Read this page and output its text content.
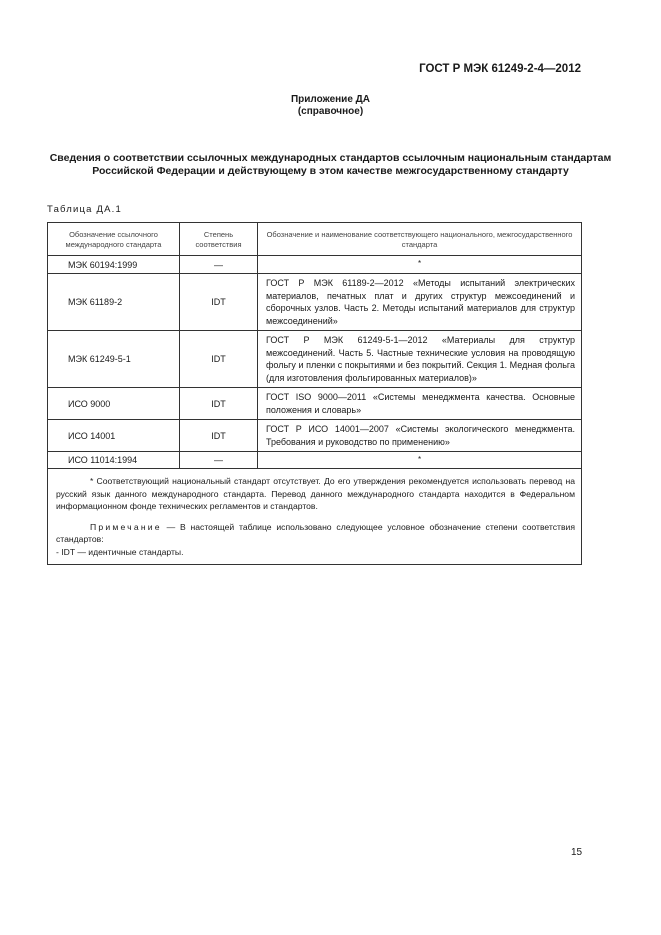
ГОСТ Р МЭК 61249-2-4—2012
Приложение ДА
(справочное)
Сведения о соответствии ссылочных международных стандартов ссылочным национальным стандартам Российской Федерации и действующему в этом качестве межгосударственному стандарту
Таблица ДА.1
Обозначение ссылочного международного стандарта	Степень соответствия	Обозначение и наименование соответствующего национального, межгосударственного стандарта
МЭК 60194:1999	—	*
МЭК 61189-2	IDT	ГОСТ Р МЭК 61189-2—2012 «Методы испытаний электрических материалов, печатных плат и других структур межсоединений и сборочных узлов. Часть 2. Методы испытаний материалов для структур межсоединений»
МЭК 61249-5-1	IDT	ГОСТ Р МЭК 61249-5-1—2012 «Материалы для структур межсоединений. Часть 5. Частные технические условия на проводящую фольгу и пленки с покрытиями и без покрытий. Секция 1. Медная фольга (для изготовления фольгированных материалов)»
ИСО 9000	IDT	ГОСТ ISO 9000—2011 «Системы менеджмента качества. Основные положения и словарь»
ИСО 14001	IDT	ГОСТ Р ИСО 14001—2007 «Системы экологического менеджмента. Требования и руководство по применению»
ИСО 11014:1994	—	*

* Соответствующий национальный стандарт отсутствует. До его утверждения рекомендуется использовать перевод на русский язык данного международного стандарта. Перевод данного международного стандарта находится в Федеральном информационном фонде технических регламентов и стандартов.

Примечание — В настоящей таблице использовано следующее условное обозначение степени соответствия стандартов:

- IDT — идентичные стандарты.		

15
